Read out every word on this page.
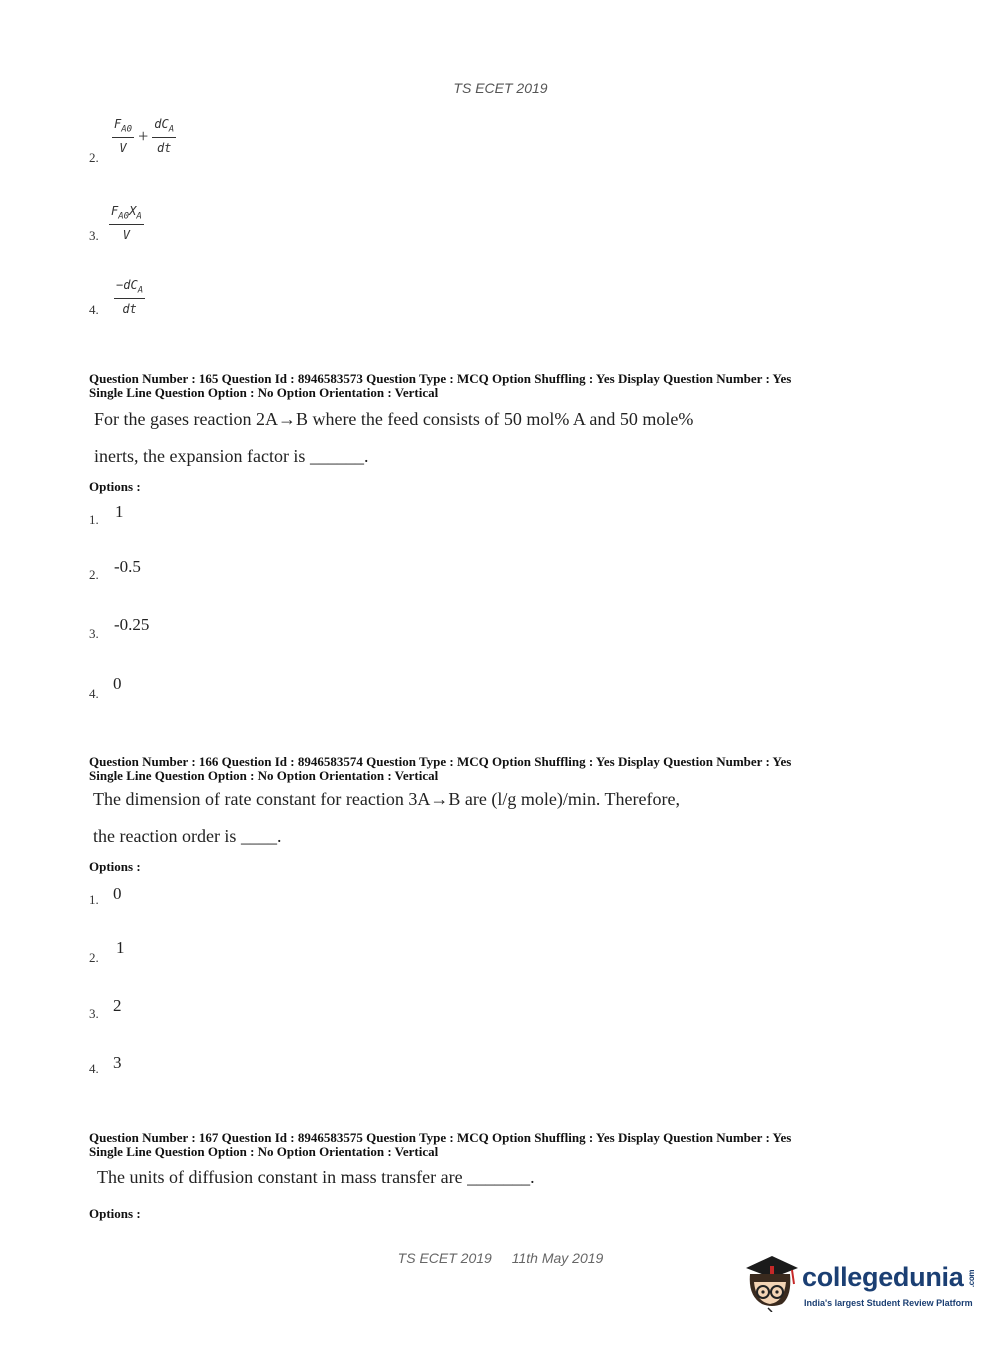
TS ECET 2019
2.
$\frac{F_{A0}}{V} + \frac{dC_A}{dt}$
3. $\frac{F_{A0}X_A}{V}$
4. $\frac{-dC_A}{dt}$
Question Number : 165 Question Id : 8946583573 Question Type : MCQ Option Shuffling : Yes Display Question Number : Yes
Single Line Question Option : No Option Orientation : Vertical
For the gases reaction 2A→B where the feed consists of 50 mol% A and 50 mole%
inerts, the expansion factor is ______.
Options :
1. 1
2. -0.5
3. -0.25
4.
0
Question Number : 166 Question Id : 8946583574 Question Type : MCQ Option Shuffling : Yes Display Question Number : Yes
Single Line Question Option : No Option Orientation : Vertical
The dimension of rate constant for reaction 3A→B are (l/g mole)/min. Therefore,
the reaction order is ____.
Options :
1. 0
2.
1
3. 2
4. 3
Question Number : 167 Question Id : 8946583575 Question Type : MCQ Option Shuffling : Yes Display Question Number : Yes
Single Line Question Option : No Option Orientation : Vertical
The units of diffusion constant in mass transfer are _______.
Options :
TS ECET 2019 11th May 2019
collegedunia .com
India's largest Student Review Platform
